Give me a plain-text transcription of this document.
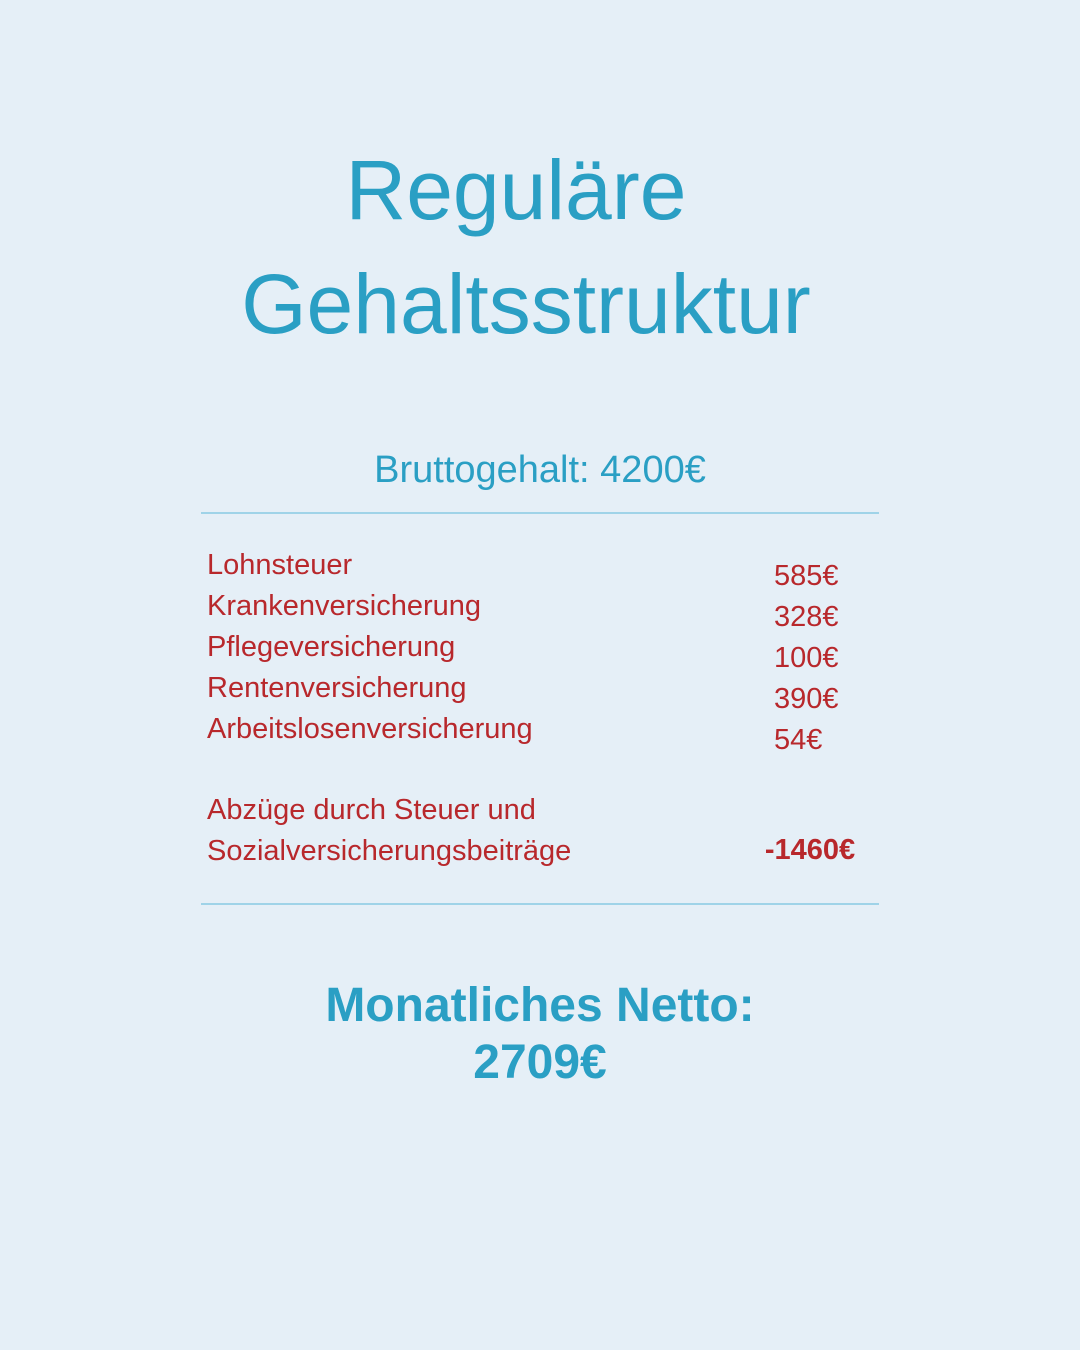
Reguläre
Gehaltsstruktur
Bruttogehalt: 4200€
Lohnsteuer
Krankenversicherung
Pflegeversicherung
Rentenversicherung
Arbeitslosenversicherung
585€
328€
100€
390€
54€
Abzüge durch Steuer und
Sozialversicherungsbeiträge	-1460€
Monatliches Netto:
2709€
